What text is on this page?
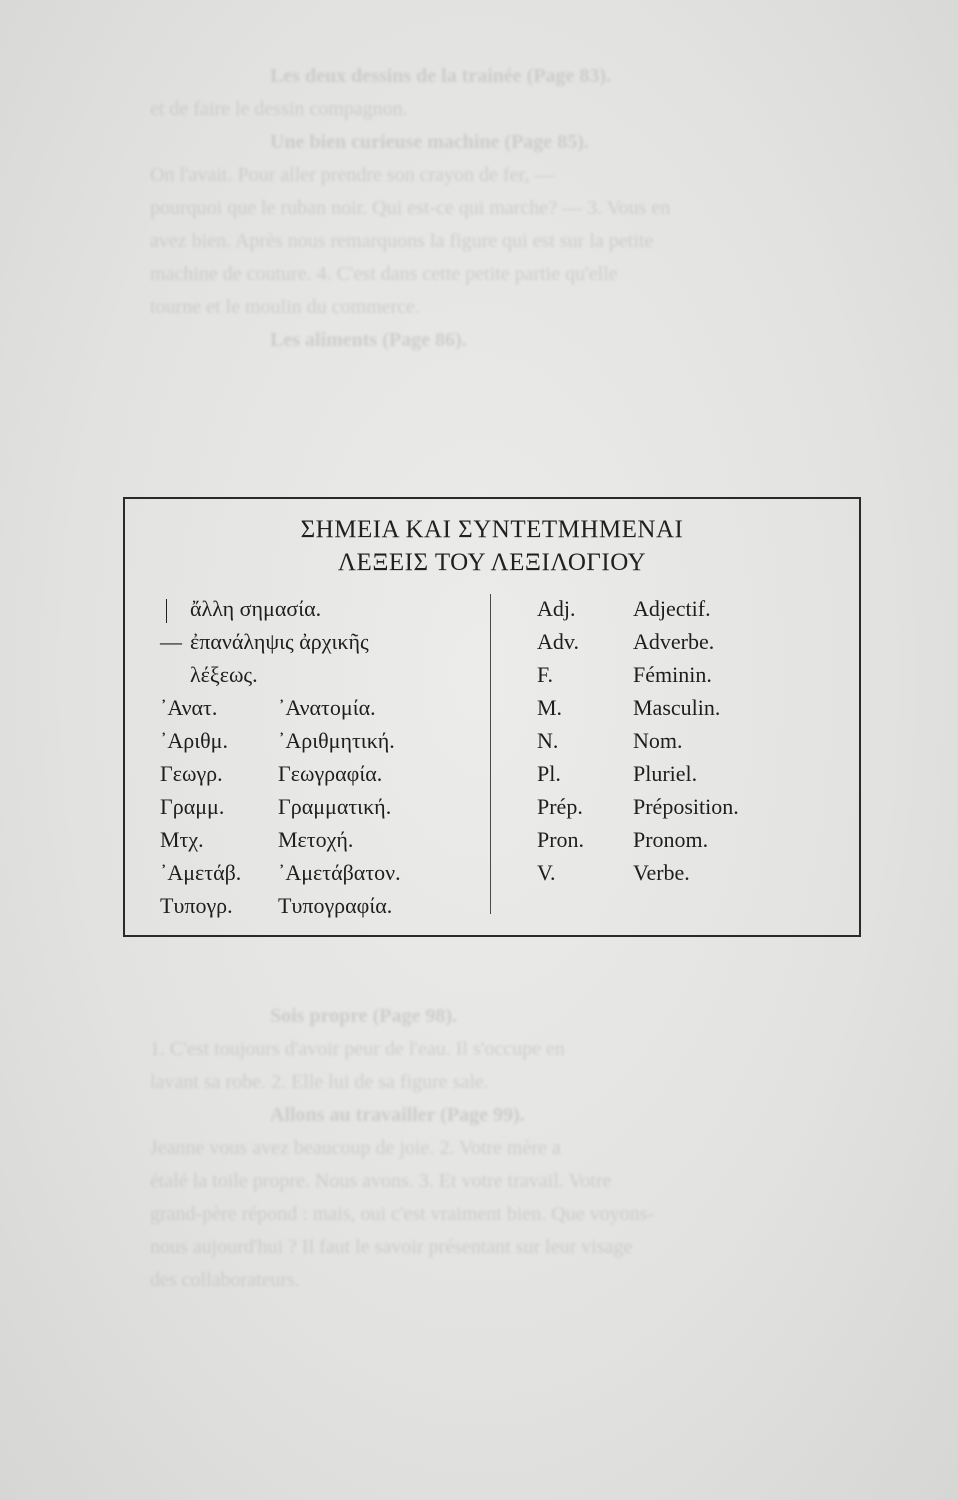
Les deux dessins de la trainée (Page 83).
et de faire le dessin compagnon.
Une bien curieuse machine (Page 85).
On l'avait. Pour aller prendre son crayon de fer, —
pourquoi que le ruban noir. Qui est-ce qui marche? — 3. Vous en
avez bien. Après nous remarquons la figure qui est sur la petite
machine de couture. 4. C'est dans cette petite partie qu'elle
tourne et le moulin du commerce.
Les aliments (Page 86).
Sois propre (Page 98).
1. C'est toujours d'avoir peur de l'eau. Il s'occupe en
lavant sa robe. 2. Elle lui de sa figure sale.
Allons au travailler (Page 99).
Jeanne vous avez beaucoup de joie. 2. Votre mère a
étalé la toile propre. Nous avons. 3. Et votre travail. Votre
grand-père répond : mais, oui c'est vraiment bien. Que voyons-
nous aujourd'hui ? Il faut le savoir présentant sur leur visage
des collaborateurs.
ΣΗΜΕΙΑ ΚΑΙ ΣΥΝΤΕΤΜΗΜΕΝΑΙ
ΛΕΞΕΙΣ ΤΟΥ ΛΕΞΙΛΟΓΙΟΥ
ἄλλη σημασία.
— ἐπανάληψις ἀρχικῆς
λέξεως.
᾿Ανατ.	᾿Ανατομία.
᾿Αριθμ. ᾿Αριθμητική.
Γεωγρ.	Γεωγραφία.
Γραμμ. Γραμματική.
Μτχ.	Μετοχή.
᾿Αμετάβ. ᾿Αμετάβατον.
Τυπογρ. Τυπογραφία.
Adj.	Adjectif.
Adv. Adverbe.
F.	Féminin.
M.	Masculin.
N.	Nom.
Pl.	Pluriel.
Prép. Préposition.
Pron. Pronom.
V.	Verbe.
